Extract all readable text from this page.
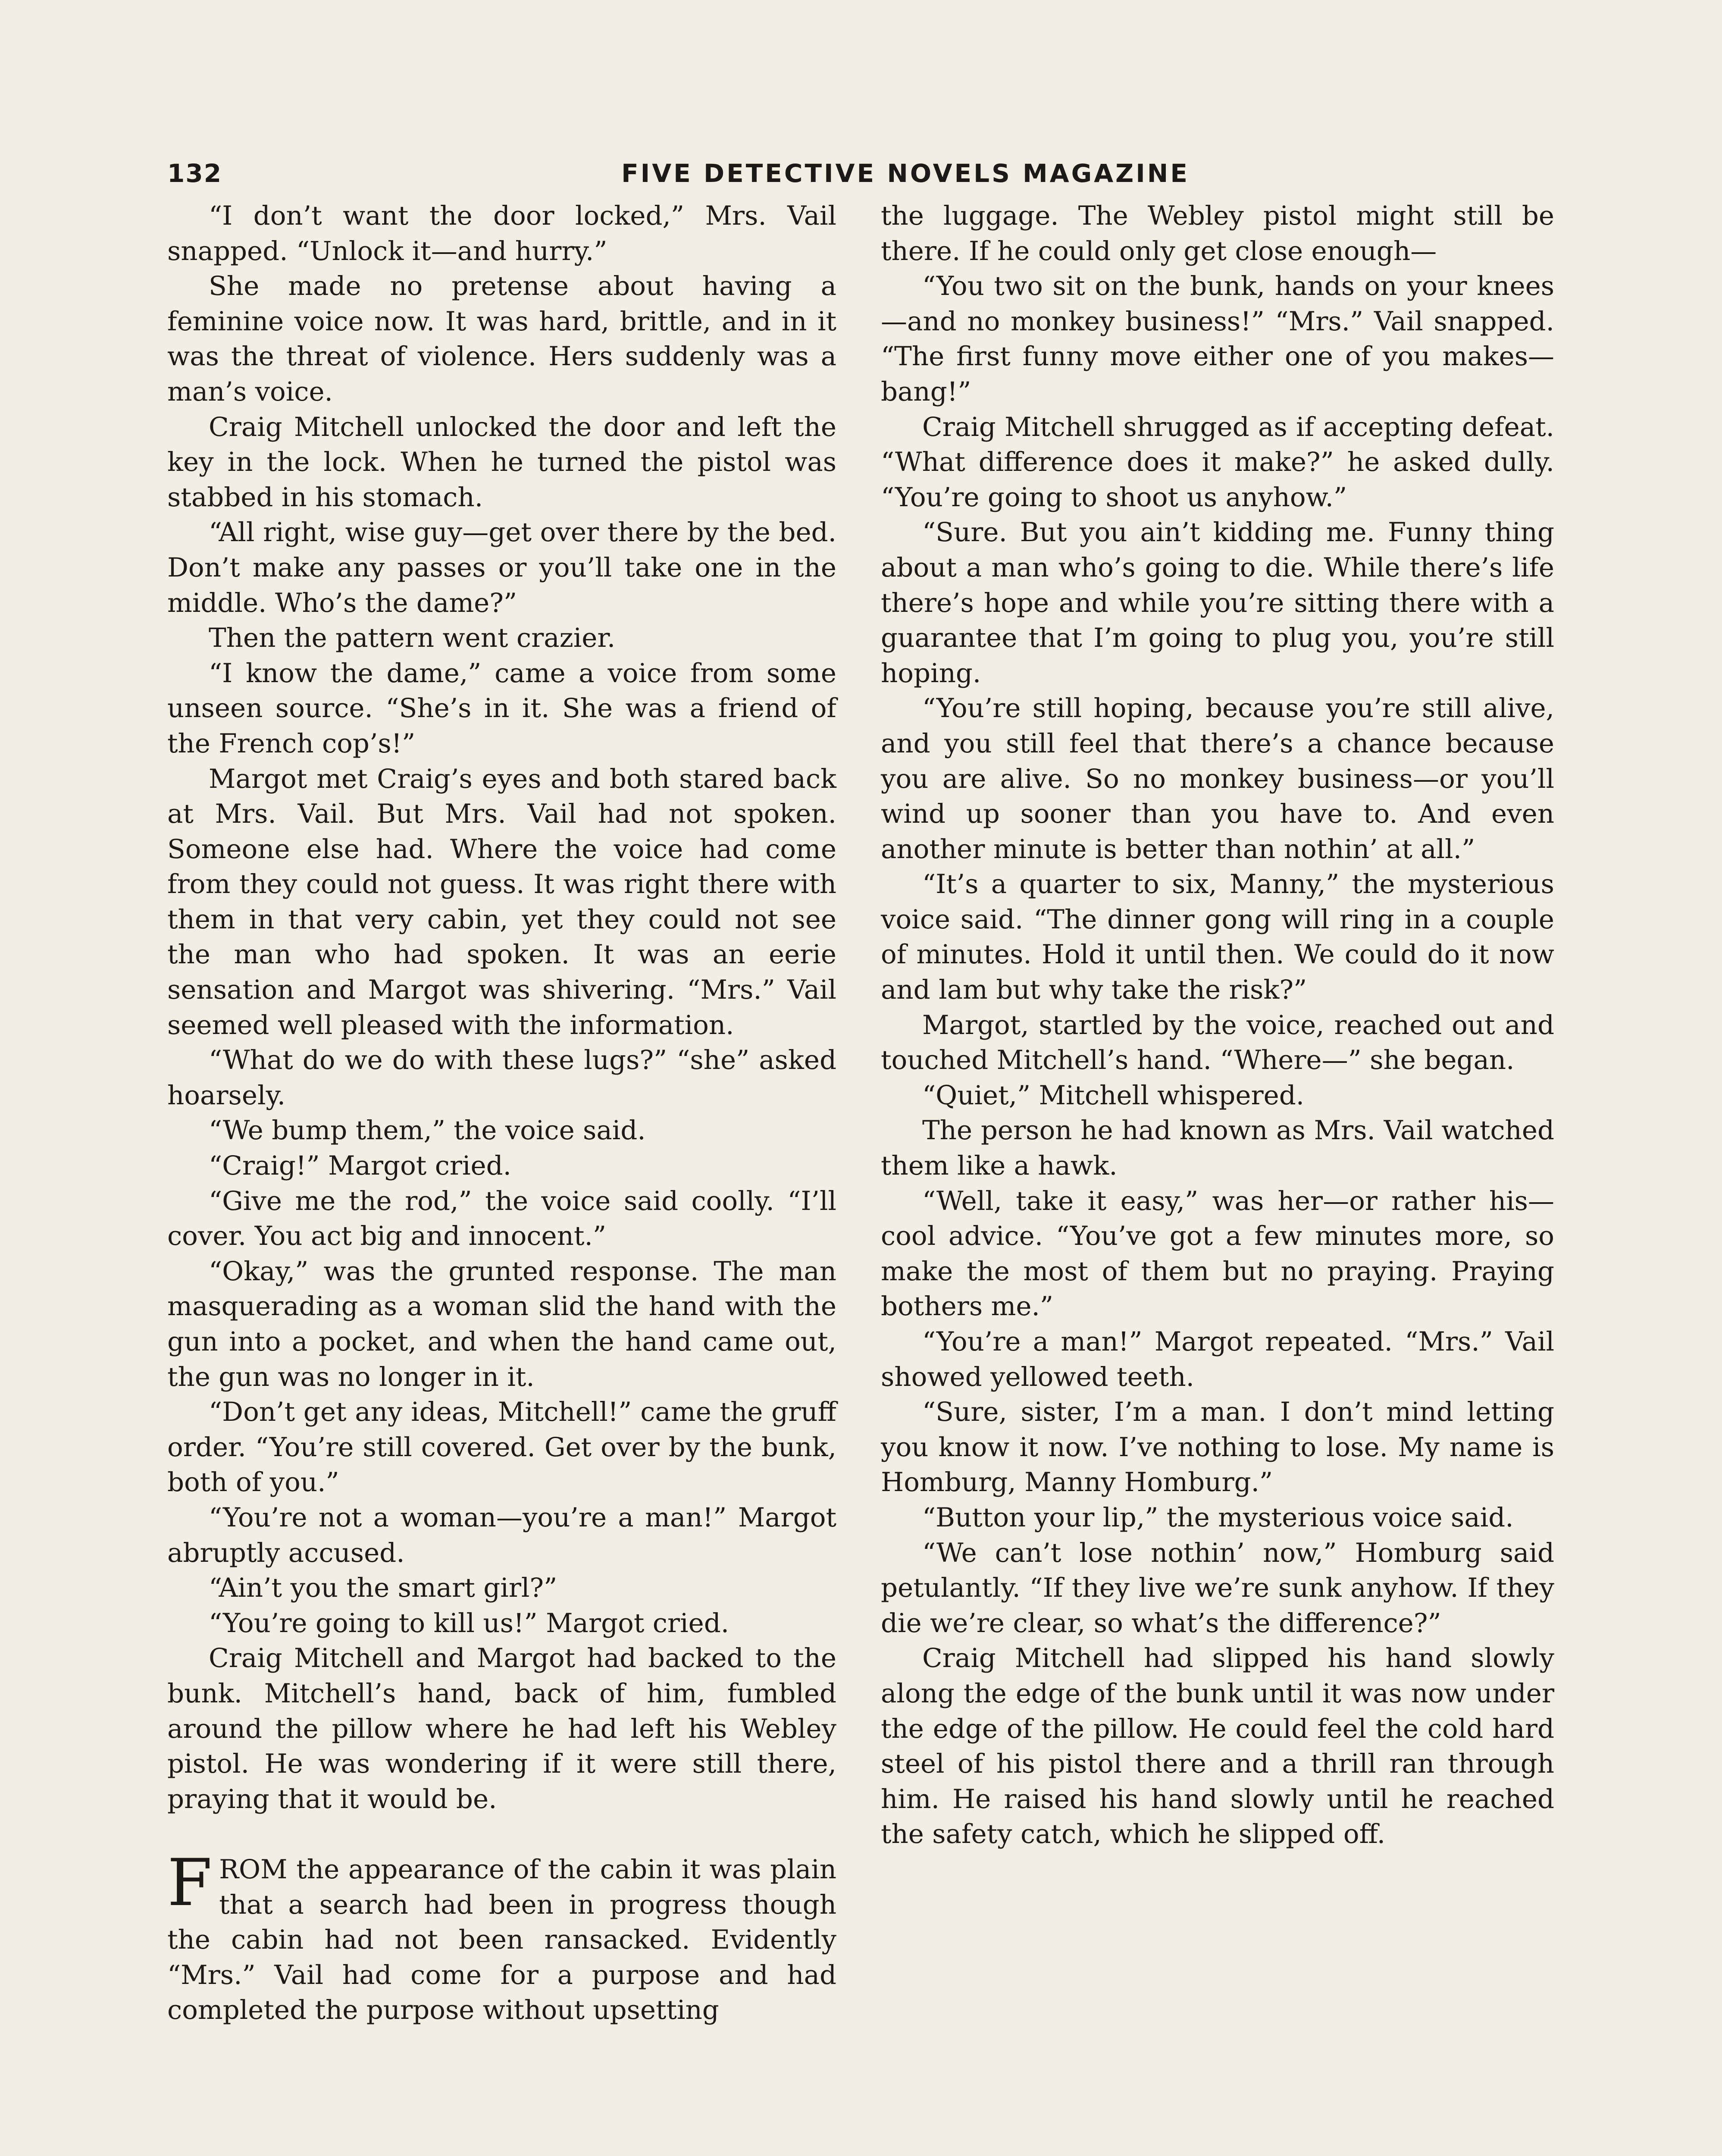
132	FIVE DETECTIVE NOVELS MAGAZINE

“I don’t want the door locked,” Mrs. Vail snapped. “Unlock it—and hurry.”

She made no pretense about having a feminine voice now. It was hard, brittle, and in it was the threat of violence. Hers suddenly was a man’s voice.

Craig Mitchell unlocked the door and left the key in the lock. When he turned the pistol was stabbed in his stomach.

“All right, wise guy—get over there by the bed. Don’t make any passes or you’ll take one in the middle. Who’s the dame?”

Then the pattern went crazier.

“I know the dame,” came a voice from some unseen source. “She’s in it. She was a friend of the French cop’s!”

Margot met Craig’s eyes and both stared back at Mrs. Vail. But Mrs. Vail had not spoken. Someone else had. Where the voice had come from they could not guess. It was right there with them in that very cabin, yet they could not see the man who had spoken. It was an eerie sensation and Margot was shivering. “Mrs.” Vail seemed well pleased with the information.

“What do we do with these lugs?” “she” asked hoarsely.

“We bump them,” the voice said.

“Craig!” Margot cried.

“Give me the rod,” the voice said coolly. “I’ll cover. You act big and innocent.”

“Okay,” was the grunted response. The man masquerading as a woman slid the hand with the gun into a pocket, and when the hand came out, the gun was no longer in it.

“Don’t get any ideas, Mitchell!” came the gruff order. “You’re still covered. Get over by the bunk, both of you.”

“You’re not a woman—you’re a man!” Margot abruptly accused.

“Ain’t you the smart girl?”

“You’re going to kill us!” Margot cried.

Craig Mitchell and Margot had backed to the bunk. Mitchell’s hand, back of him, fumbled around the pillow where he had left his Webley pistol. He was wondering if it were still there, praying that it would be.

FROM the appearance of the cabin it was plain that a search had been in progress though the cabin had not been ransacked. Evidently “Mrs.” Vail had come for a purpose and had completed the purpose without upsetting

the luggage. The Webley pistol might still be there. If he could only get close enough—

“You two sit on the bunk, hands on your knees—and no monkey business!” “Mrs.” Vail snapped. “The first funny move either one of you makes—bang!”

Craig Mitchell shrugged as if accepting defeat. “What difference does it make?” he asked dully. “You’re going to shoot us anyhow.”

“Sure. But you ain’t kidding me. Funny thing about a man who’s going to die. While there’s life there’s hope and while you’re sitting there with a guarantee that I’m going to plug you, you’re still hoping.

“You’re still hoping, because you’re still alive, and you still feel that there’s a chance because you are alive. So no monkey business—or you’ll wind up sooner than you have to. And even another minute is better than nothin’ at all.”

“It’s a quarter to six, Manny,” the mysterious voice said. “The dinner gong will ring in a couple of minutes. Hold it until then. We could do it now and lam but why take the risk?”

Margot, startled by the voice, reached out and touched Mitchell’s hand. “Where—” she began.

“Quiet,” Mitchell whispered.

The person he had known as Mrs. Vail watched them like a hawk.

“Well, take it easy,” was her—or rather his—cool advice. “You’ve got a few minutes more, so make the most of them but no praying. Praying bothers me.”

“You’re a man!” Margot repeated. “Mrs.” Vail showed yellowed teeth.

“Sure, sister, I’m a man. I don’t mind letting you know it now. I’ve nothing to lose. My name is Homburg, Manny Homburg.”

“Button your lip,” the mysterious voice said.

“We can’t lose nothin’ now,” Homburg said petulantly. “If they live we’re sunk anyhow. If they die we’re clear, so what’s the difference?”

Craig Mitchell had slipped his hand slowly along the edge of the bunk until it was now under the edge of the pillow. He could feel the cold hard steel of his pistol there and a thrill ran through him. He raised his hand slowly until he reached the safety catch, which he slipped off.
